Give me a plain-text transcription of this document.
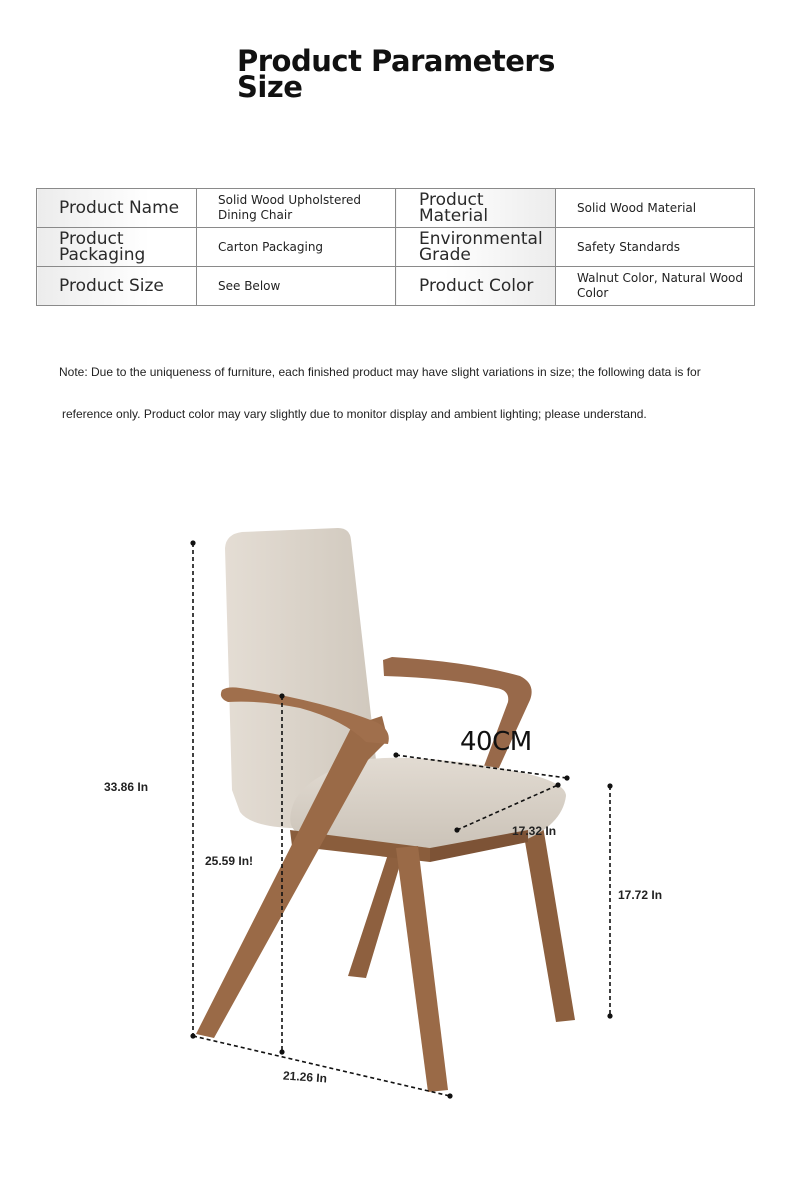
Product Parameters
Size
Product Name	Solid Wood Upholstered Dining Chair	Product Material	Solid Wood Material
Product Packaging	Carton Packaging	Environmental Grade	Safety Standards
Product Size	See Below	Product Color	Walnut Color, Natural Wood Color
Note: Due to the uniqueness of furniture, each finished product may have slight variations in size; the following data is for
reference only. Product color may vary slightly due to monitor display and ambient lighting; please understand.
33.86 In
25.59 In!
40CM
17.32 In
17.72 In
21.26 In
